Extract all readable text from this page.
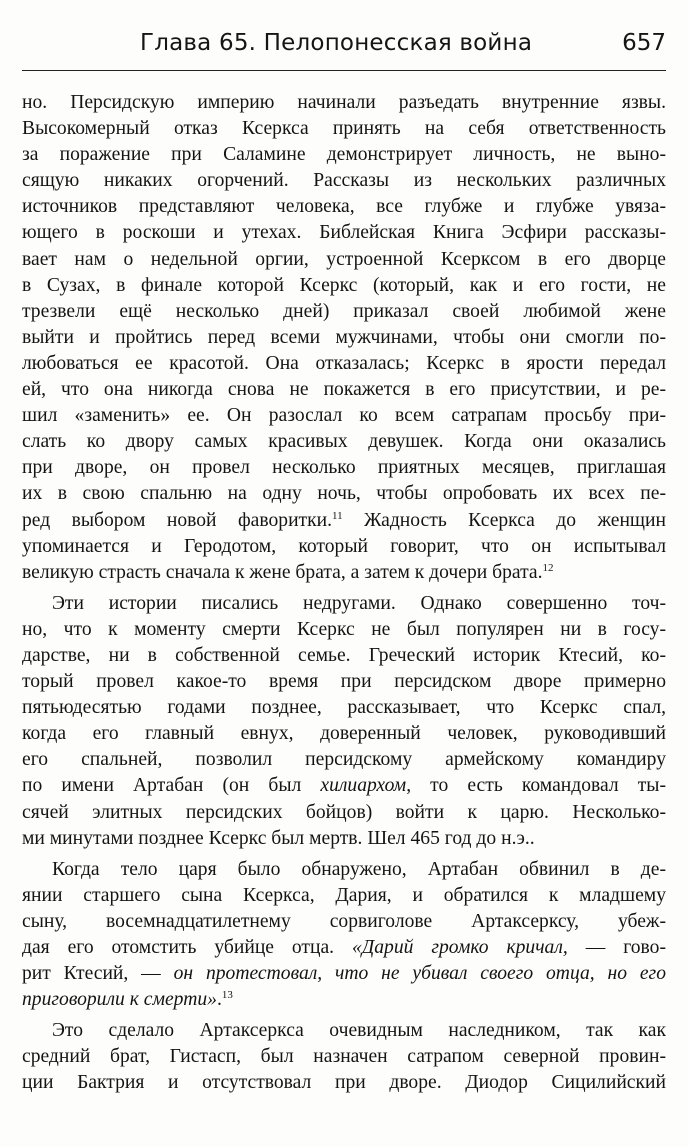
Глава 65. Пелопонесская война	657
но. Персидскую империю начинали разъедать внутренние язвы.
Высокомерный отказ Ксеркса принять на себя ответственность
за поражение при Саламине демонстрирует личность, не выно-
сящую никаких огорчений. Рассказы из нескольких различных
источников представляют человека, все глубже и глубже увяза-
ющего в роскоши и утехах. Библейская Книга Эсфири рассказы-
вает нам о недельной оргии, устроенной Ксерксом в его дворце
в Сузах, в финале которой Ксеркс (который, как и его гости, не
трезвели ещё несколько дней) приказал своей любимой жене
выйти и пройтись перед всеми мужчинами, чтобы они смогли по-
любоваться ее красотой. Она отказалась; Ксеркс в ярости передал
ей, что она никогда снова не покажется в его присутствии, и ре-
шил «заменить» ее. Он разослал ко всем сатрапам просьбу при-
слать ко двору самых красивых девушек. Когда они оказались
при дворе, он провел несколько приятных месяцев, приглашая
их в свою спальню на одну ночь, чтобы опробовать их всех пе-
ред выбором новой фаворитки.$^{11}$ Жадность Ксеркса до женщин
упоминается и Геродотом, который говорит, что он испытывал
великую страсть сначала к жене брата, а затем к дочери брата.$^{12}$
Эти истории писались недругами. Однако совершенно точ-
но, что к моменту смерти Ксеркс не был популярен ни в госу-
дарстве, ни в собственной семье. Греческий историк Ктесий, ко-
торый провел какое-то время при персидском дворе примерно
пятьюдесятью годами позднее, рассказывает, что Ксеркс спал,
когда его главный евнух, доверенный человек, руководивший
его спальней, позволил персидскому армейскому командиру
по имени Артабан (он был хилиархом, то есть командовал ты-
сячей элитных персидских бойцов) войти к царю. Несколько-
ми минутами позднее Ксеркс был мертв. Шел 465 год до н.э..
Когда тело царя было обнаружено, Артабан обвинил в де-
янии старшего сына Ксеркса, Дария, и обратился к младшему
сыну, восемнадцатилетнему сорвиголове Артаксерксу, убеж-
дая его отомстить убийце отца. «Дарий громко кричал, — гово-
рит Ктесий, — он протестовал, что не убивал своего отца, но его
приговорили к смерти».$^{13}$
Это сделало Артаксеркса очевидным наследником, так как
средний брат, Гистасп, был назначен сатрапом северной провин-
ции Бактрия и отсутствовал при дворе. Диодор Сицилийский
